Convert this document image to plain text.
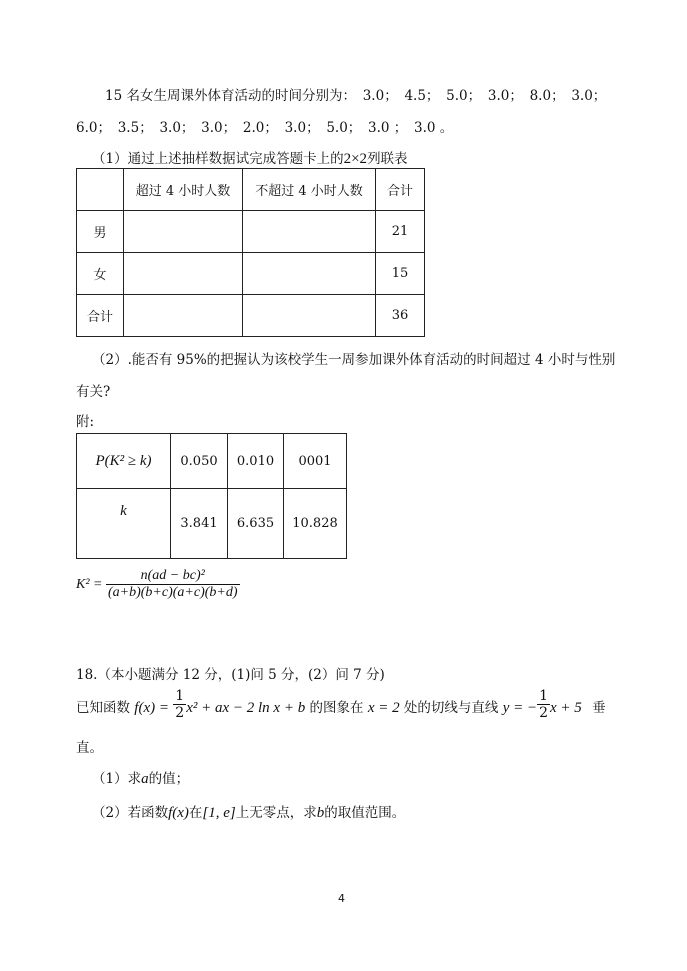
15 名女生周课外体育活动的时间分别为：　3.0；　4.5；　5.0；　3.0；　8.0；　3.0；
6.0；　3.5；　3.0；　3.0；　2.0；　3.0；　5.0；　3.0 ；　3.0 。
（1）通过上述抽样数据试完成答题卡上的2×2列联表
	超过 4 小时人数	不超过 4 小时人数	合计
男			21
女			15
合计			36
（2）.能否有 95%的把握认为该校学生一周参加课外体育活动的时间超过 4 小时与性别
有关?
附:
P(K² ≥ k)	0.050	0.010	0001
k	3.841	6.635	10.828
$K^2 = \frac{\text{n(ad − bc)²}}{(a+b)(b+c)(a+c)(b+d)}$
18.（本小题满分 12 分，(1)问 5 分，(2）问 7 分)
已知函数 $f(x) = \frac{1}{2} x^2$ + ax − 2 ln x + b 的图象在 x = 2 处的切线与直线 y = − $\frac{1}{2}$ x + 5 垂
直。
（1）求a的值；
（2）若函数f(x)在[1, e]上无零点，求b的取值范围。
4
